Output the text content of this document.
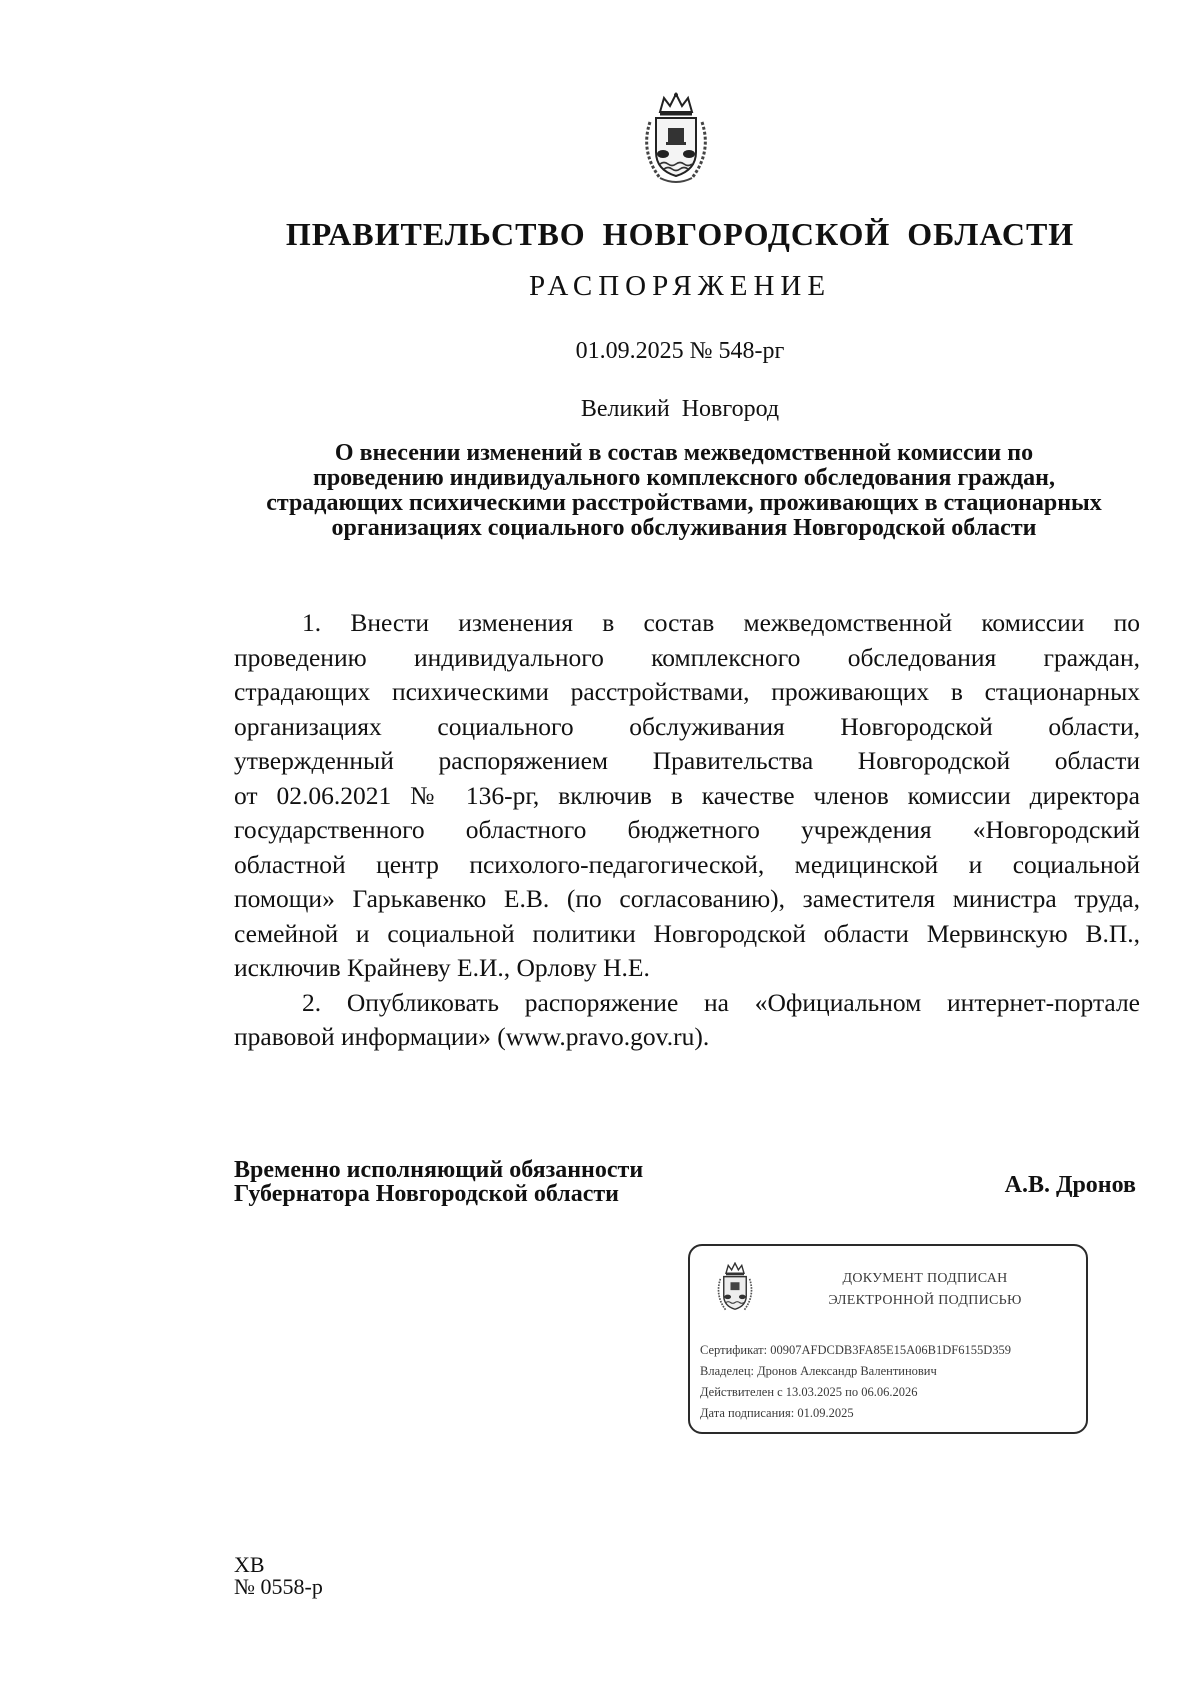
ПРАВИТЕЛЬСТВО НОВГОРОДСКОЙ ОБЛАСТИ
РАСПОРЯЖЕНИЕ
01.09.2025 № 548-рг
Великий Новгород
О внесении изменений в состав межведомственной комиссии по
проведению индивидуального комплексного обследования граждан,
страдающих психическими расстройствами, проживающих в стационарных
организациях социального обслуживания Новгородской области
1. Внести изменения в состав межведомственной комиссии по
проведению индивидуального комплексного обследования граждан,
страдающих психическими расстройствами, проживающих в стационарных
организациях социального обслуживания Новгородской области,
утвержденный распоряжением Правительства Новгородской области
от 02.06.2021 № 136-рг, включив в качестве членов комиссии директора
государственного областного бюджетного учреждения «Новгородский
областной центр психолого-педагогической, медицинской и социальной
помощи» Гарькавенко Е.В. (по согласованию), заместителя министра труда,
семейной и социальной политики Новгородской области Мервинскую В.П.,
исключив Крайневу Е.И., Орлову Н.Е.
2. Опубликовать распоряжение на «Официальном интернет-портале
правовой информации» (www.pravo.gov.ru).
Временно исполняющий обязанности
Губернатора Новгородской области	А.В. Дронов
ДОКУМЕНТ ПОДПИСАН
ЭЛЕКТРОННОЙ ПОДПИСЬЮ
Сертификат: 00907AFDCDB3FA85E15A06B1DF6155D359
Владелец: Дронов Александр Валентинович
Действителен с 13.03.2025 по 06.06.2026
Дата подписания: 01.09.2025
ХВ
№ 0558-р
